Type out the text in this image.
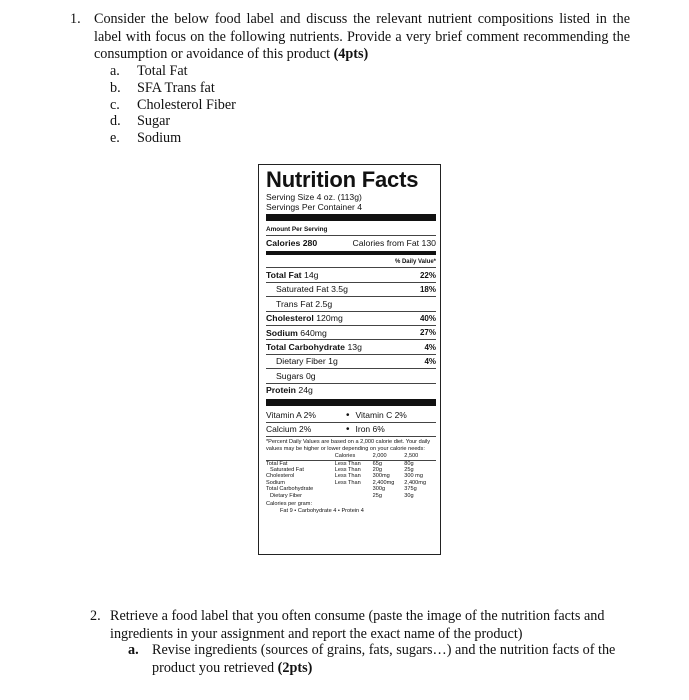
1. Consider the below food label and discuss the relevant nutrient compositions listed in the label with focus on the following nutrients. Provide a very brief comment recommending the consumption or avoidance of this product (4pts)
a.	Total Fat
b.	SFA Trans fat
c.	Cholesterol Fiber
d.	Sugar
e.	Sodium
Nutrition Facts
Serving Size 4 oz. (113g)
Servings Per Container 4
Amount Per Serving
Calories 280	Calories from Fat 130
% Daily Value*
Total Fat 14g	22%
Saturated Fat 3.5g	18%
Trans Fat 2.5g
Cholesterol 120mg	40%
Sodium 640mg	27%
Total Carbohydrate 13g	4%
Dietary Fiber 1g	4%
Sugars 0g
Protein 24g
Vitamin A 2%	• Vitamin C 2%
Calcium 2%	• Iron 6%
*Percent Daily Values are based on a 2,000 calorie diet. Your daily values may be higher or lower depending on your calorie needs:
	Calories	2,000	2,500
Total Fat	Less Than	65g	80g
Saturated Fat	Less Than	20g	25g
Cholesterol	Less Than	300mg	300 mg
Sodium	Less Than	2,400mg	2,400mg
Total Carbohydrate		300g	375g
Dietary Fiber		25g	30g
Calories per gram:
Fat 9 • Carbohydrate 4 • Protein 4
2. Retrieve a food label that you often consume (paste the image of the nutrition facts and ingredients in your assignment and report the exact name of the product)
a. Revise ingredients (sources of grains, fats, sugars…) and the nutrition facts of the product you retrieved (2pts)
